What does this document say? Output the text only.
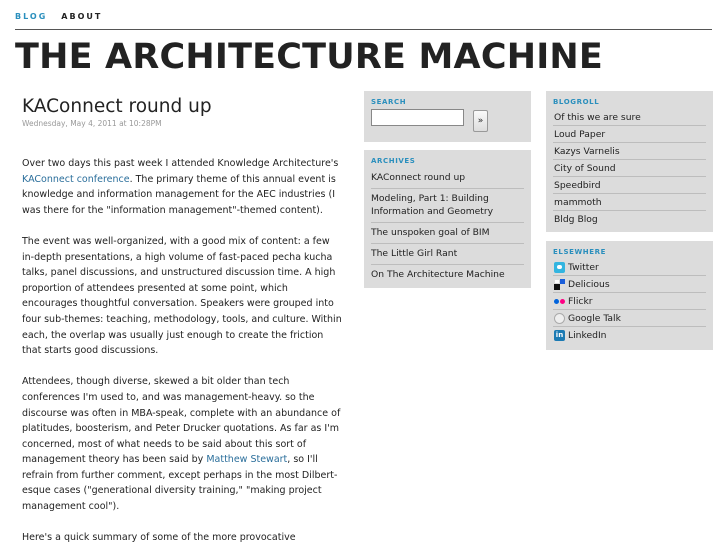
BLOG ABOUT
THE ARCHITECTURE MACHINE
KAConnect round up
Wednesday, May 4, 2011 at 10:28PM

Over two days this past week I attended Knowledge Architecture's KAConnect conference. The primary theme of this annual event is knowledge and information management for the AEC industries (I was there for the "information management"-themed content).

The event was well-organized, with a good mix of content: a few in-depth presentations, a high volume of fast-paced pecha kucha talks, panel discussions, and unstructured discussion time. A high proportion of attendees presented at some point, which encourages thoughtful conversation. Speakers were grouped into four sub-themes: teaching, methodology, tools, and culture. Within each, the overlap was usually just enough to create the friction that starts good discussions.

Attendees, though diverse, skewed a bit older than tech conferences I'm used to, and was management-heavy. so the discourse was often in MBA-speak, complete with an abundance of platitudes, boosterism, and Peter Drucker quotations. As far as I'm concerned, most of what needs to be said about this sort of management theory has been said by Matthew Stewart, so I'll refrain from further comment, except perhaps in the most Dilbert-esque cases ("generational diversity training," "making project management cool").

Here's a quick summary of some of the more provocative

SEARCH
»
ARCHIVES
KAConnect round up
Modeling, Part 1: Building Information and Geometry
The unspoken goal of BIM
The Little Girl Rant
On The Architecture Machine
BLOGROLL
Of this we are sure
Loud Paper
Kazys Varnelis
City of Sound
Speedbird
mammoth
Bldg Blog
ELSEWHERE
Twitter
Delicious
Flickr
Google Talk
in LinkedIn
